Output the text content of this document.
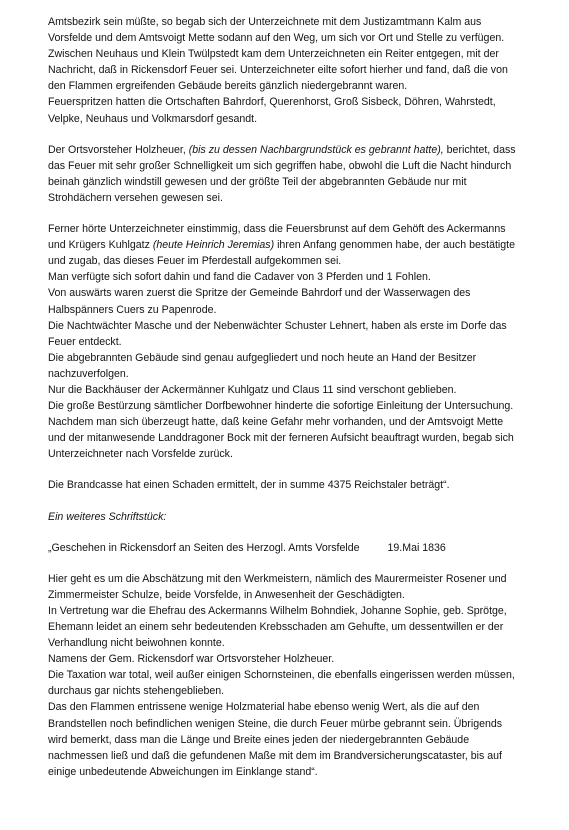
Amtsbezirk sein müßte, so begab sich der Unterzeichnete mit dem Justizamtmann Kalm aus
Vorsfelde und dem Amtsvoigt Mette sodann auf den Weg, um sich vor Ort und Stelle zu verfügen.
Zwischen Neuhaus und Klein Twülpstedt kam dem Unterzeichneten ein Reiter entgegen, mit der
Nachricht, daß in Rickensdorf Feuer sei. Unterzeichneter eilte sofort hierher und fand, daß die von
den Flammen ergreifenden Gebäude bereits gänzlich niedergebrannt waren.
Feuerspritzen hatten die Ortschaften Bahrdorf, Querenhorst, Groß Sisbeck, Döhren, Wahrstedt,
Velpke, Neuhaus und Volkmarsdorf gesandt.
Der Ortsvorsteher Holzheuer, (bis zu dessen Nachbargrundstück es gebrannt hatte), berichtet, dass
das Feuer mit sehr großer Schnelligkeit um sich gegriffen habe, obwohl die Luft die Nacht hindurch
beinah gänzlich windstill gewesen und der größte Teil der abgebrannten Gebäude nur mit
Strohdächern versehen gewesen sei.
Ferner hörte Unterzeichneter einstimmig, dass die Feuersbrunst auf dem Gehöft des Ackermanns
und Krügers Kuhlgatz (heute Heinrich Jeremias) ihren Anfang genommen habe, der auch bestätigte
und zugab, das dieses Feuer im Pferdestall aufgekommen sei.
Man verfügte sich sofort dahin und fand die Cadaver von 3 Pferden und 1 Fohlen.
Von auswärts waren zuerst die Spritze der Gemeinde Bahrdorf und der Wasserwagen des
Halbspänners Cuers zu Papenrode.
Die Nachtwächter Masche und der Nebenwächter Schuster Lehnert, haben als erste im Dorfe das
Feuer entdeckt.
Die abgebrannten Gebäude sind genau aufgegliedert und noch heute an Hand der Besitzer
nachzuverfolgen.
Nur die Backhäuser der Ackermänner Kuhlgatz und Claus 11 sind verschont geblieben.
Die große Bestürzung sämtlicher Dorfbewohner hinderte die sofortige Einleitung der Untersuchung.
Nachdem man sich überzeugt hatte, daß keine Gefahr mehr vorhanden, und der Amtsvoigt Mette
und der mitanwesende Landdragoner Bock mit der ferneren Aufsicht beauftragt wurden, begab sich
Unterzeichneter nach Vorsfelde zurück.
Die Brandcasse hat einen Schaden ermittelt, der in summe 4375 Reichstaler beträgt“.
Ein weiteres Schriftstück:
„Geschehen in Rickensdorf an Seiten des Herzogl. Amts Vorsfelde	19.Mai 1836
Hier geht es um die Abschätzung mit den Werkmeistern, nämlich des Maurermeister Rosener und
Zimmermeister Schulze, beide Vorsfelde, in Anwesenheit der Geschädigten.
In Vertretung war die Ehefrau des Ackermanns Wilhelm Bohndiek, Johanne Sophie, geb. Sprötge,
Ehemann leidet an einem sehr bedeutenden Krebsschaden am Gehufte, um dessentwillen er der
Verhandlung nicht beiwohnen konnte.
Namens der Gem. Rickensdorf war Ortsvorsteher Holzheuer.
Die Taxation war total, weil außer einigen Schornsteinen, die ebenfalls eingerissen werden müssen,
durchaus gar nichts stehengeblieben.
Das den Flammen entrissene wenige Holzmaterial habe ebenso wenig Wert, als die auf den
Brandstellen noch befindlichen wenigen Steine, die durch Feuer mürbe gebrannt sein. Übrigends
wird bemerkt, dass man die Länge und Breite eines jeden der niedergebrannten Gebäude
nachmessen ließ und daß die gefundenen Maße mit dem im Brandversicherungscataster, bis auf
einige unbedeutende Abweichungen im Einklange stand“.
